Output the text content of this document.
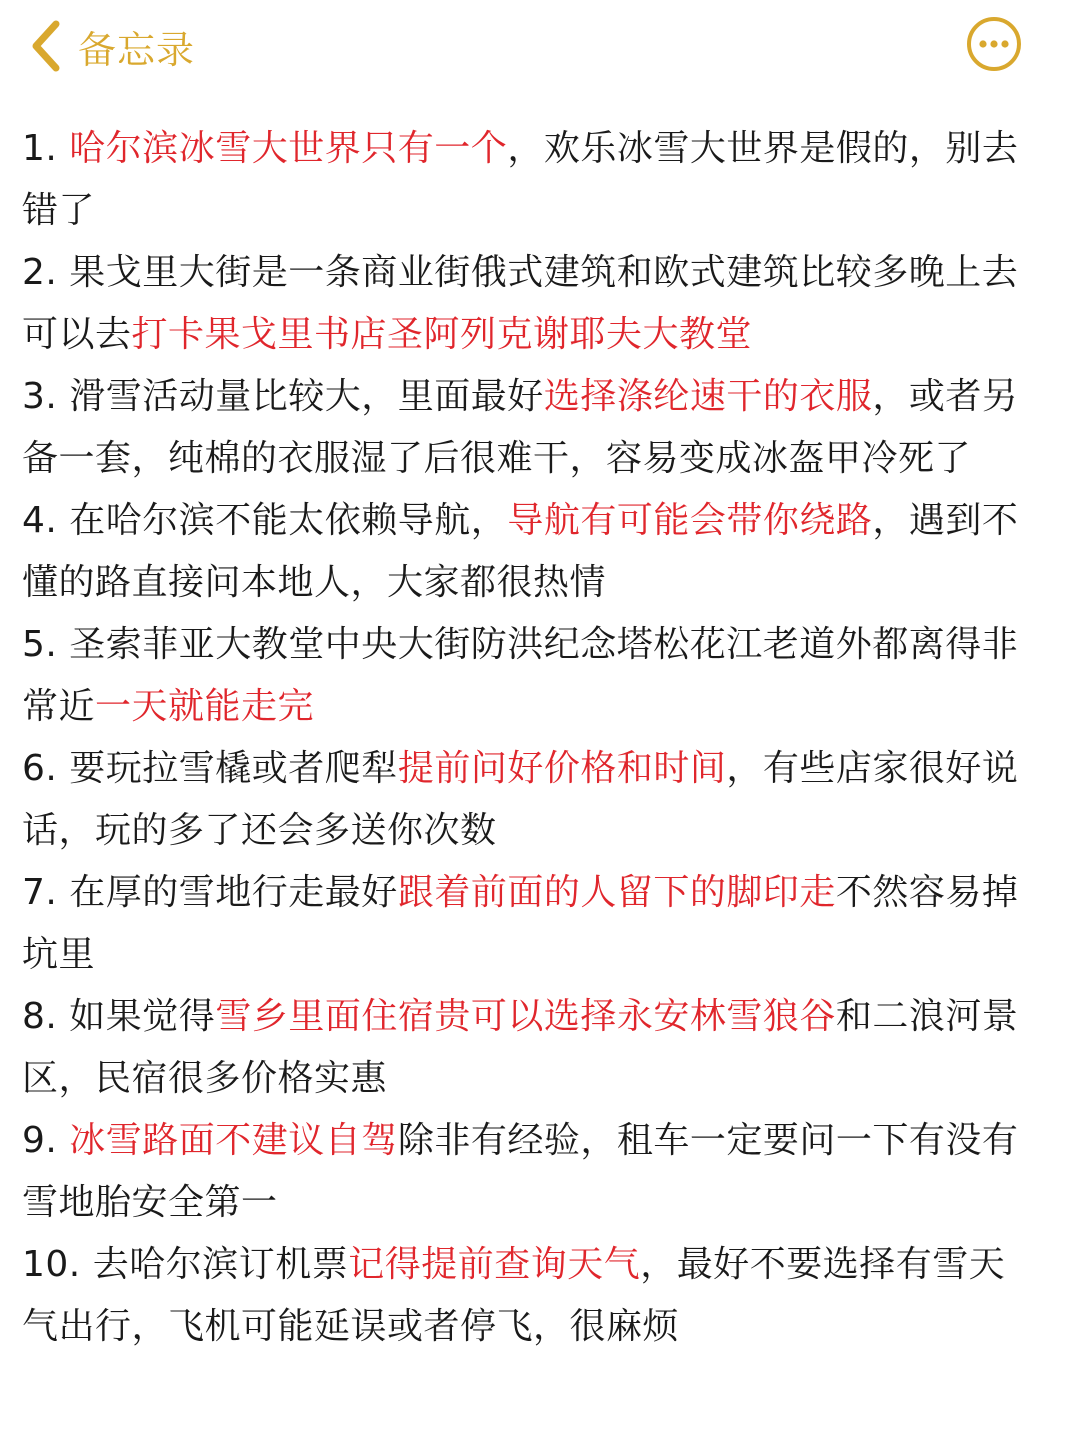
备忘录

1. 哈尔滨冰雪大世界只有一个，欢乐冰雪大世界是假的，别去错了

2. 果戈里大街是一条商业街俄式建筑和欧式建筑比较多晚上去可以去打卡果戈里书店圣阿列克谢耶夫大教堂

3. 滑雪活动量比较大，里面最好选择涤纶速干的衣服，或者另备一套，纯棉的衣服湿了后很难干，容易变成冰盔甲冷死了

4. 在哈尔滨不能太依赖导航，导航有可能会带你绕路，遇到不懂的路直接问本地人，大家都很热情

5. 圣索菲亚大教堂中央大街防洪纪念塔松花江老道外都离得非常近一天就能走完

6. 要玩拉雪橇或者爬犁提前问好价格和时间，有些店家很好说话，玩的多了还会多送你次数

7. 在厚的雪地行走最好跟着前面的人留下的脚印走不然容易掉坑里

8. 如果觉得雪乡里面住宿贵可以选择永安林雪狼谷和二浪河景区，民宿很多价格实惠

9. 冰雪路面不建议自驾除非有经验，租车一定要问一下有没有雪地胎安全第一

10. 去哈尔滨订机票记得提前查询天气，最好不要选择有雪天气出行，飞机可能延误或者停飞，很麻烦
